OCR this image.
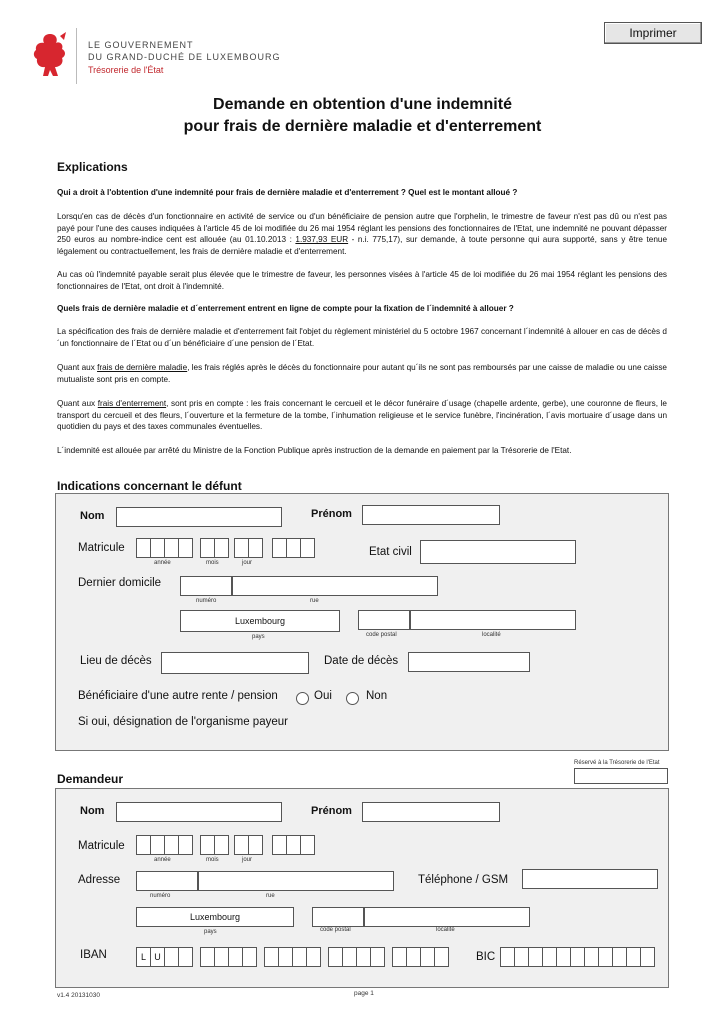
Imprimer
LE GOUVERNEMENT
DU GRAND-DUCHÉ DE LUXEMBOURG
Trésorerie de l'État
Demande en obtention d'une indemnité
pour frais de dernière maladie et d'enterrement
Explications
Qui a droit à l'obtention d'une indemnité pour frais de dernière maladie et d'enterrement ? Quel est le montant alloué ?
Lorsqu'en cas de décès d'un fonctionnaire en activité de service ou d'un bénéficiaire de pension autre que l'orphelin, le trimestre de faveur n'est pas dû ou n'est pas payé pour l'une des causes indiquées à l'article 45 de loi modifiée du 26 mai 1954 réglant les pensions des fonctionnaires de l'Etat, une indemnité ne pouvant dépasser 250 euros au nombre-indice cent est allouée (au 01.10.2013 : 1.937,93 EUR - n.i. 775,17), sur demande, à toute personne qui aura supporté, sans y être tenue légalement ou contractuellement, les frais de dernière maladie et d'enterrement.
Au cas où l'indemnité payable serait plus élevée que le trimestre de faveur, les personnes visées à l'article 45 de loi modifiée du 26 mai 1954 réglant les pensions des fonctionnaires de l'Etat, ont droit à l'indemnité.
Quels frais de dernière maladie et d´enterrement entrent en ligne de compte pour la fixation de l´indemnité à allouer ?
La spécification des frais de dernière maladie et d'enterrement fait l'objet du règlement ministériel du 5 octobre 1967 concernant l´indemnité à allouer en cas de décès d´un fonctionnaire de l´Etat ou d´un bénéficiaire d´une pension de l´Etat.
Quant aux frais de dernière maladie, les frais réglés après le décès du fonctionnaire pour autant qu´ils ne sont pas remboursés par une caisse de maladie ou une caisse mutualiste sont pris en compte.
Quant aux frais d'enterrement, sont pris en compte : les frais concernant le cercueil et le décor funéraire d´usage (chapelle ardente, gerbe), une couronne de fleurs, le transport du cercueil et des fleurs, l´ouverture et la fermeture de la tombe, l´inhumation religieuse et le service funèbre, l'incinération, l´avis mortuaire d´usage dans un quotidien du pays et des taxes communales éventuelles.
L´indemnité est allouée par arrêté du Ministre de la Fonction Publique après instruction de la demande en paiement par la Trésorerie de l'Etat.
Indications concernant le défunt
Nom	Prénom
Matricule
année	mois	jour
Etat civil
Dernier domicile
numéro	rue
Luxembourg
pays	code postal	localité
Lieu de décès	Date de décès
Bénéficiaire d'une autre rente / pension	Oui	Non
Si oui, désignation de l'organisme payeur
Réservé à la Trésorerie de l'Etat
Demandeur
Nom	Prénom
Matricule
année	mois	jour
Adresse
numéro	rue
Téléphone / GSM
Luxembourg
pays	code postal	localité
IBAN	L U	BIC
v1.4 20131030	page 1
